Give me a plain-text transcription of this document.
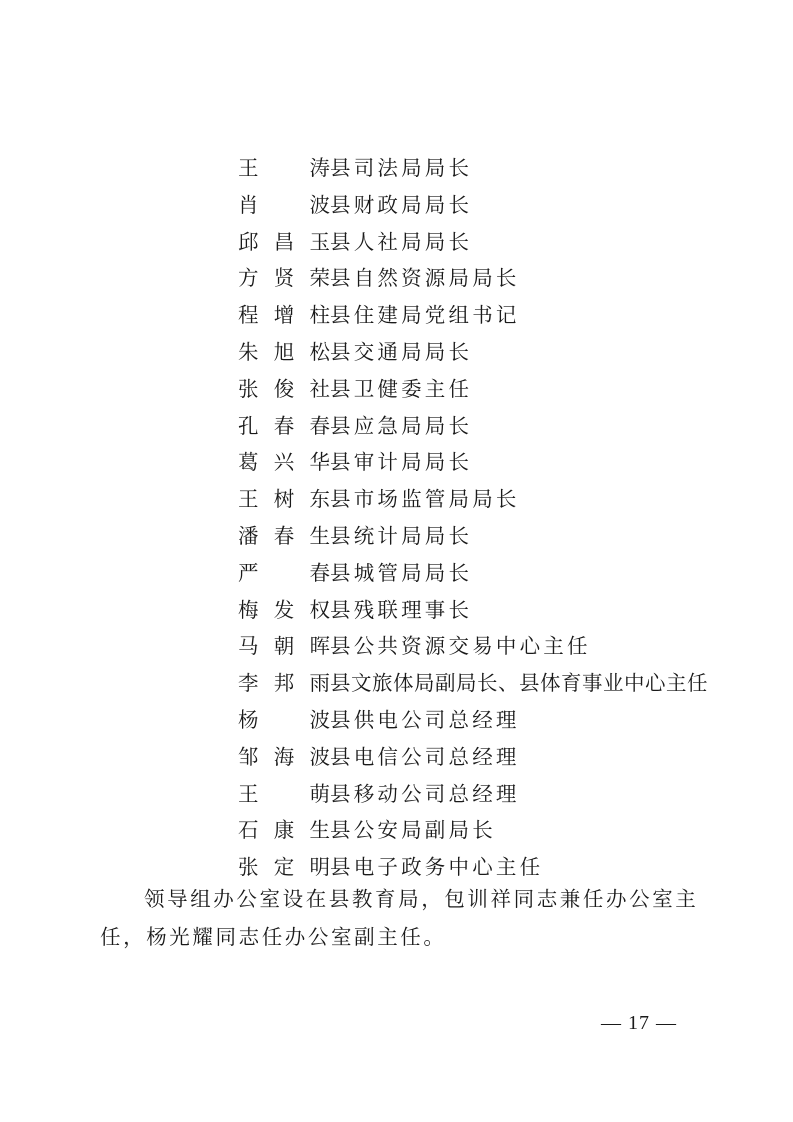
王　涛 县司法局局长
肖　波 县财政局局长
邱昌玉 县人社局局长
方贤荣 县自然资源局局长
程增柱 县住建局党组书记
朱旭松 县交通局局长
张俊社 县卫健委主任
孔春春 县应急局局长
葛兴华 县审计局局长
王树东 县市场监管局局长
潘春生 县统计局局长
严　春 县城管局局长
梅发权 县残联理事长
马朝晖 县公共资源交易中心主任
李邦雨 县文旅体局副局长、县体育事业中心主任
杨　波 县供电公司总经理
邹海波 县电信公司总经理
王　萌 县移动公司总经理
石康生 县公安局副局长
张定明 县电子政务中心主任

领导组办公室设在县教育局，包训祥同志兼任办公室主任，杨光耀同志任办公室副主任。

— 17 —
